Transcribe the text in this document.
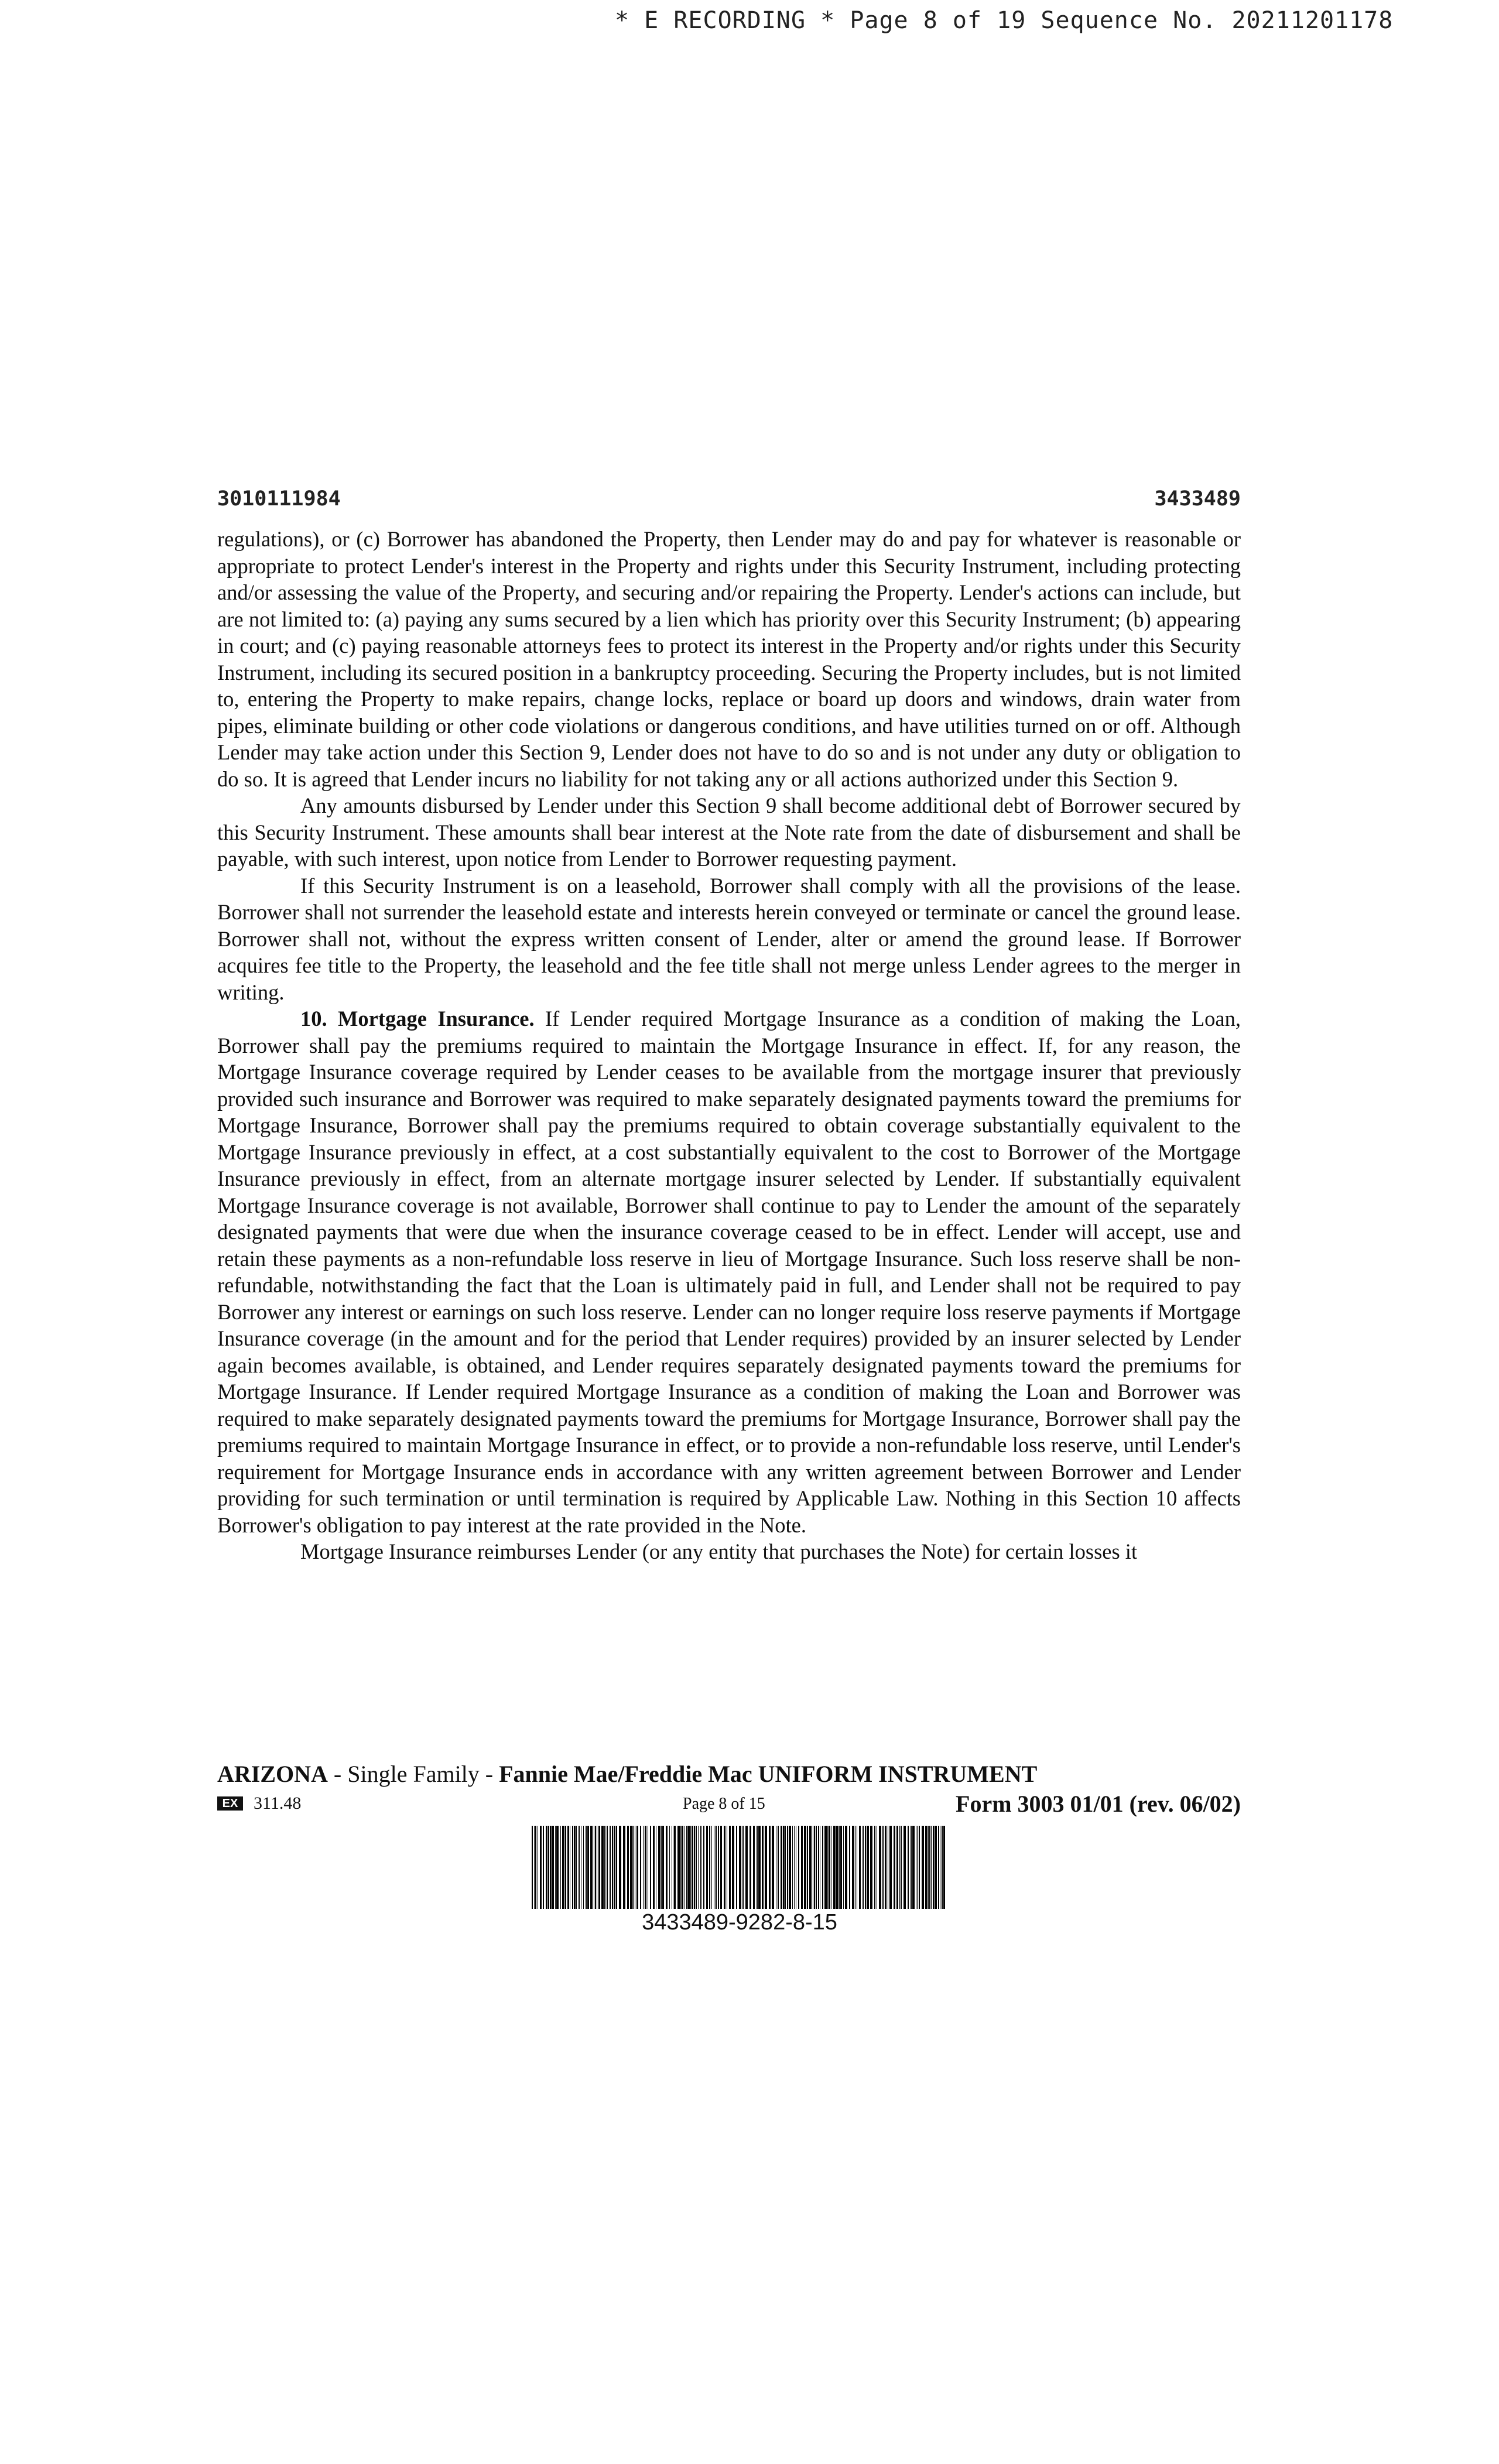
* E RECORDING * Page 8 of 19 Sequence No. 20211201178
3010111984	3433489

regulations), or (c) Borrower has abandoned the Property, then Lender may do and pay for whatever is reasonable or appropriate to protect Lender's interest in the Property and rights under this Security Instrument, including protecting and/or assessing the value of the Property, and securing and/or repairing the Property. Lender's actions can include, but are not limited to: (a) paying any sums secured by a lien which has priority over this Security Instrument; (b) appearing in court; and (c) paying reasonable attorneys fees to protect its interest in the Property and/or rights under this Security Instrument, including its secured position in a bankruptcy proceeding. Securing the Property includes, but is not limited to, entering the Property to make repairs, change locks, replace or board up doors and windows, drain water from pipes, eliminate building or other code violations or dangerous conditions, and have utilities turned on or off. Although Lender may take action under this Section 9, Lender does not have to do so and is not under any duty or obligation to do so. It is agreed that Lender incurs no liability for not taking any or all actions authorized under this Section 9.

Any amounts disbursed by Lender under this Section 9 shall become additional debt of Borrower secured by this Security Instrument. These amounts shall bear interest at the Note rate from the date of disbursement and shall be payable, with such interest, upon notice from Lender to Borrower requesting payment.

If this Security Instrument is on a leasehold, Borrower shall comply with all the provisions of the lease. Borrower shall not surrender the leasehold estate and interests herein conveyed or terminate or cancel the ground lease. Borrower shall not, without the express written consent of Lender, alter or amend the ground lease. If Borrower acquires fee title to the Property, the leasehold and the fee title shall not merge unless Lender agrees to the merger in writing.

10. Mortgage Insurance. If Lender required Mortgage Insurance as a condition of making the Loan, Borrower shall pay the premiums required to maintain the Mortgage Insurance in effect. If, for any reason, the Mortgage Insurance coverage required by Lender ceases to be available from the mortgage insurer that previously provided such insurance and Borrower was required to make separately designated payments toward the premiums for Mortgage Insurance, Borrower shall pay the premiums required to obtain coverage substantially equivalent to the Mortgage Insurance previously in effect, at a cost substantially equivalent to the cost to Borrower of the Mortgage Insurance previously in effect, from an alternate mortgage insurer selected by Lender. If substantially equivalent Mortgage Insurance coverage is not available, Borrower shall continue to pay to Lender the amount of the separately designated payments that were due when the insurance coverage ceased to be in effect. Lender will accept, use and retain these payments as a non-refundable loss reserve in lieu of Mortgage Insurance. Such loss reserve shall be non-refundable, notwithstanding the fact that the Loan is ultimately paid in full, and Lender shall not be required to pay Borrower any interest or earnings on such loss reserve. Lender can no longer require loss reserve payments if Mortgage Insurance coverage (in the amount and for the period that Lender requires) provided by an insurer selected by Lender again becomes available, is obtained, and Lender requires separately designated payments toward the premiums for Mortgage Insurance. If Lender required Mortgage Insurance as a condition of making the Loan and Borrower was required to make separately designated payments toward the premiums for Mortgage Insurance, Borrower shall pay the premiums required to maintain Mortgage Insurance in effect, or to provide a non-refundable loss reserve, until Lender's requirement for Mortgage Insurance ends in accordance with any written agreement between Borrower and Lender providing for such termination or until termination is required by Applicable Law. Nothing in this Section 10 affects Borrower's obligation to pay interest at the rate provided in the Note.

Mortgage Insurance reimburses Lender (or any entity that purchases the Note) for certain losses it

ARIZONA - Single Family - Fannie Mae/Freddie Mac UNIFORM INSTRUMENT
EX 311.48	Page 8 of 15	Form 3003 01/01 (rev. 06/02)
3433489-9282-8-15
